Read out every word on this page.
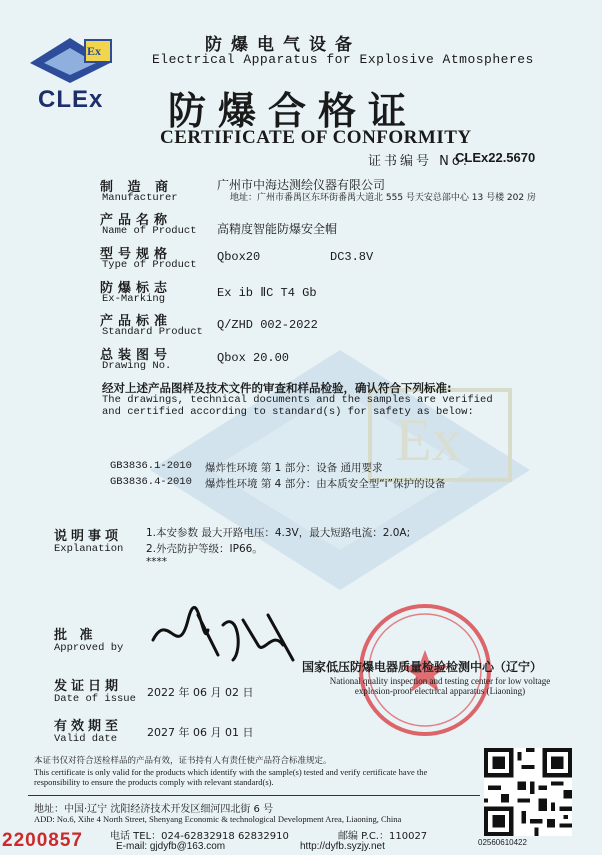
Ex
Ex
CLEx
防爆电气设备
Electrical Apparatus for Explosive Atmospheres
防爆合格证
CERTIFICATE OF CONFORMITY
证书编号 No:
CLEx22.5670
制 造 商
Manufacturer
广州市中海达测绘仪器有限公司
地址：广州市番禺区东环街番禺大道北 555 号天安总部中心 13 号楼 202 房
产品名称
Name of Product 高精度智能防爆安全帽
型号规格
Type of Product
Qbox20	DC3.8V
防爆标志
Ex-Marking	Ex ib ⅡC T4 Gb
产品标准
Standard Product Q/ZHD 002-2022
总装图号
Drawing No.
Qbox 20.00
经对上述产品图样及技术文件的审查和样品检验，确认符合下列标准:
The drawings, technical documents and the samples are verified and certified according to standard(s) for safety as below:
GB3836.1-2010 爆炸性环境 第 1 部分：设备 通用要求
GB3836.4-2010 爆炸性环境 第 4 部分：由本质安全型“i”保护的设备
说明事项
Explanation
1.本安参数 最大开路电压：4.3V，最大短路电流：2.0A;
2.外壳防护等级：IP66。
****
批 准
Approved by
发证日期
Date of issue 2022 年 06 月 02 日
有效期至
Valid date	2027 年 06 月 01 日
国家低压防爆电器质量检验检测中心（辽宁）
National quality inspection and testing center for low voltage explosion-proof electrical apparatus (Liaoning)
本证书仅对符合送检样品的产品有效，证书持有人有责任使产品符合标准规定。
This certificate is only valid for the products which identify with the sample(s) tested and verify certificate have the responsibility to ensure the products comply with relevant standard(s).
地址：中国·辽宁 沈阳经济技术开发区细河四北街 6 号
ADD: No.6, Xihe 4 North Street, Shenyang Economic & technological Development Area, Liaoning, China
电话 TEL：024-62832918 62832910	邮编 P.C.：110027
E-mail: gjdyfb@163.com	http://dyfb.syzjy.net	02560610422
2200857
